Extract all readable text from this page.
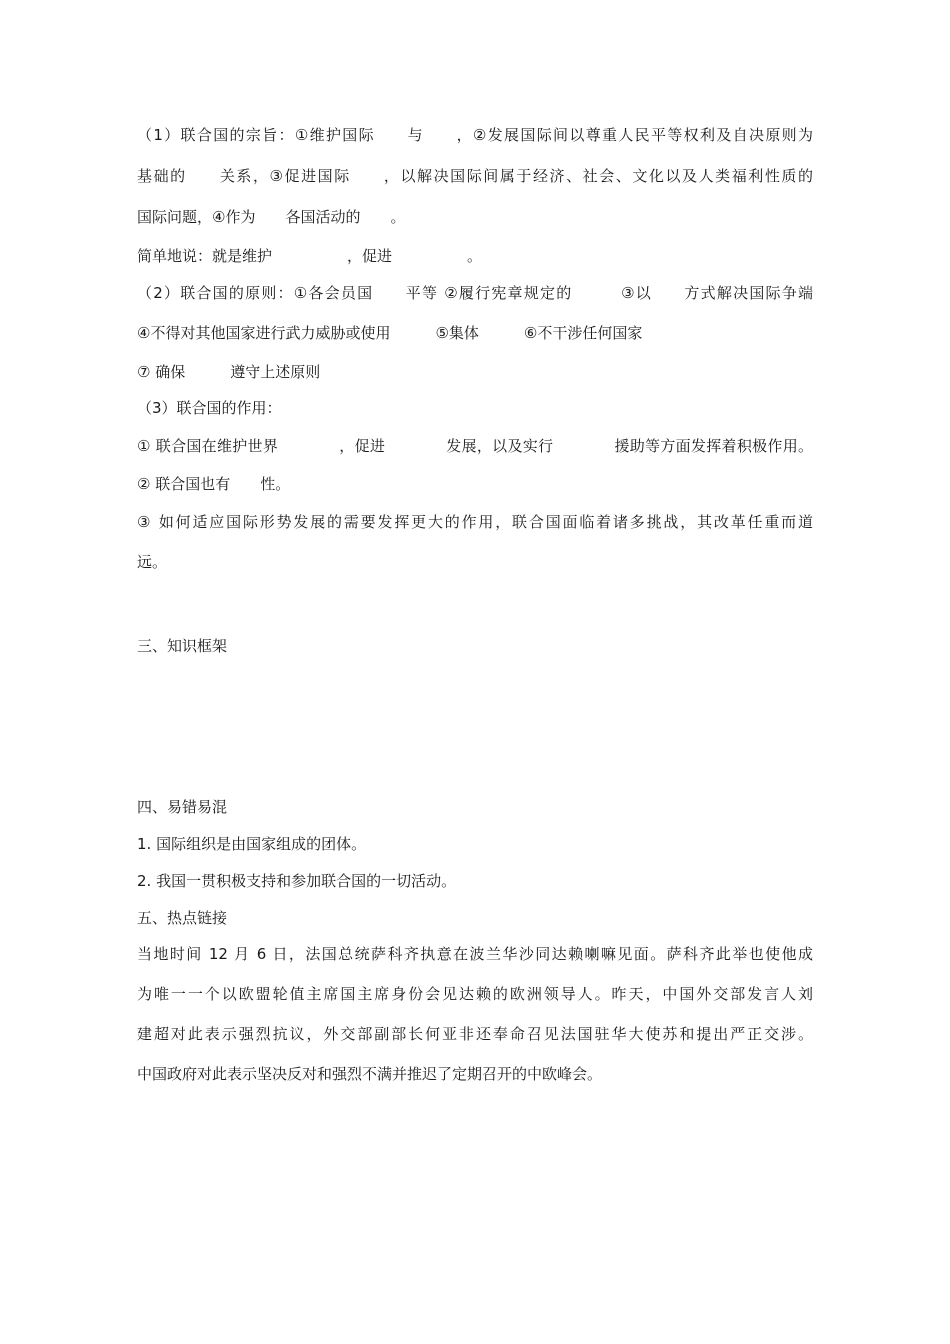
（1）联合国的宗旨：①维护国际　　与　　，②发展国际间以尊重人民平等权利及自决原则为
基础的　　关系，③促进国际　　，以解决国际间属于经济、社会、文化以及人类福利性质的
国际问题，④作为　　各国活动的　　。
简单地说：就是维护　　　　　，促进　　　　　。
（2）联合国的原则：①各会员国　　平等 ②履行宪章规定的　　　③以　　方式解决国际争端
④不得对其他国家进行武力威胁或使用　　　⑤集体　　　⑥不干涉任何国家
⑦ 确保　　　遵守上述原则
（3）联合国的作用：
① 联合国在维护世界　　　　，促进　　　　发展，以及实行　　　　援助等方面发挥着积极作用。
② 联合国也有　　性。
③ 如何适应国际形势发展的需要发挥更大的作用，联合国面临着诸多挑战，其改革任重而道
远。
三、知识框架
四、易错易混
1. 国际组织是由国家组成的团体。
2. 我国一贯积极支持和参加联合国的一切活动。
五、热点链接
当地时间 12 月 6 日，法国总统萨科齐执意在波兰华沙同达赖喇嘛见面。萨科齐此举也使他成
为唯一一个以欧盟轮值主席国主席身份会见达赖的欧洲领导人。昨天，中国外交部发言人刘
建超对此表示强烈抗议，外交部副部长何亚非还奉命召见法国驻华大使苏和提出严正交涉。
中国政府对此表示坚决反对和强烈不满并推迟了定期召开的中欧峰会。
